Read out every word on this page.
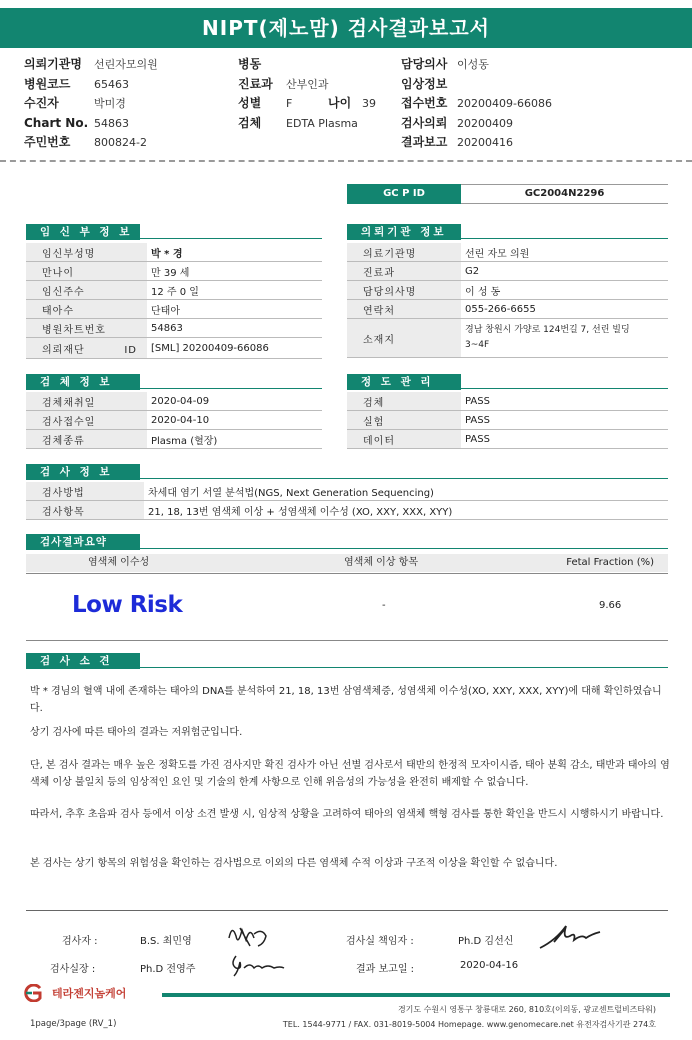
NIPT(제노맘) 검사결과보고서
의뢰기관명 선린자모의원
병원코드 65463
수진자	박미경
Chart No. 54863
주민번호 800824-2
병동
진료과 산부인과
성별 F	나이 39
검체 EDTA Plasma
담당의사 이성동
임상정보
접수번호 20200409-66086
검사의뢰 20200409
결과보고 20200416
GC P ID	GC2004N2296
임 신 부 정 보	의뢰기관 정보
임신부성명	박 * 경
만나이	만 39 세
임신주수	12 주 0 일
태아수	단태아
병원차트번호	54863
의뢰재단 ID	[SML] 20200409-66086
의료기관명	선린 자모 의원
진료과	G2
담당의사명	이 성 동
연락처	055-266-6655
소재지	경남 창원시 가양로 124번길 7, 선린 빌딩
3~4F
검 체 정 보	정 도 관 리
검체채취일	2020-04-09
검사접수일	2020-04-10
검체종류	Plasma (혈장)
검체	PASS
실험	PASS
데이터	PASS
검 사 정 보
검사방법	차세대 염기 서열 분석법(NGS, Next Generation Sequencing)
검사항목	21, 18, 13번 염색체 이상 + 성염색체 이수성 (XO, XXY, XXX, XYY)
검사결과요약
염색체 이수성	염색체 이상 항목	Fetal Fraction (%)
Low Risk	-	9.66
검 사 소 견
박 * 경님의 혈액 내에 존재하는 태아의 DNA를 분석하여 21, 18, 13번 삼염색체증, 성염색체 이수성(XO, XXY, XXX, XYY)에 대해 확인하였습니다.
상기 검사에 따른 태아의 결과는 저위험군입니다.
단, 본 검사 결과는 매우 높은 정확도를 가진 검사지만 확진 검사가 아닌 선별 검사로서 태반의 한정적 모자이시즘, 태아 분획 감소, 태반과 태아의 염색체 이상 불일치 등의 임상적인 요인 및 기술의 한계 사항으로 인해 위음성의 가능성을 완전히 배제할 수 없습니다.
따라서, 추후 초음파 검사 등에서 이상 소견 발생 시, 임상적 상황을 고려하여 태아의 염색체 핵형 검사를 통한 확인을 반드시 시행하시기 바랍니다.
본 검사는 상기 항목의 위험성을 확인하는 검사법으로 이외의 다른 염색체 수적 이상과 구조적 이상을 확인할 수 없습니다.
검사자 :	B.S. 최민영	검사실 책임자 :	Ph.D 김선신
검사실장 :	Ph.D 전영주	결과 보고일 :	2020-04-16
테라젠지놈케어
경기도 수원시 영통구 창룡대로 260, 810호(이의동, 광교센트럴비즈타워)
TEL. 1544-9771 / FAX. 031-8019-5004 Homepage. www.genomecare.net 유전자검사기관 274호
1page/3page (RV_1)
